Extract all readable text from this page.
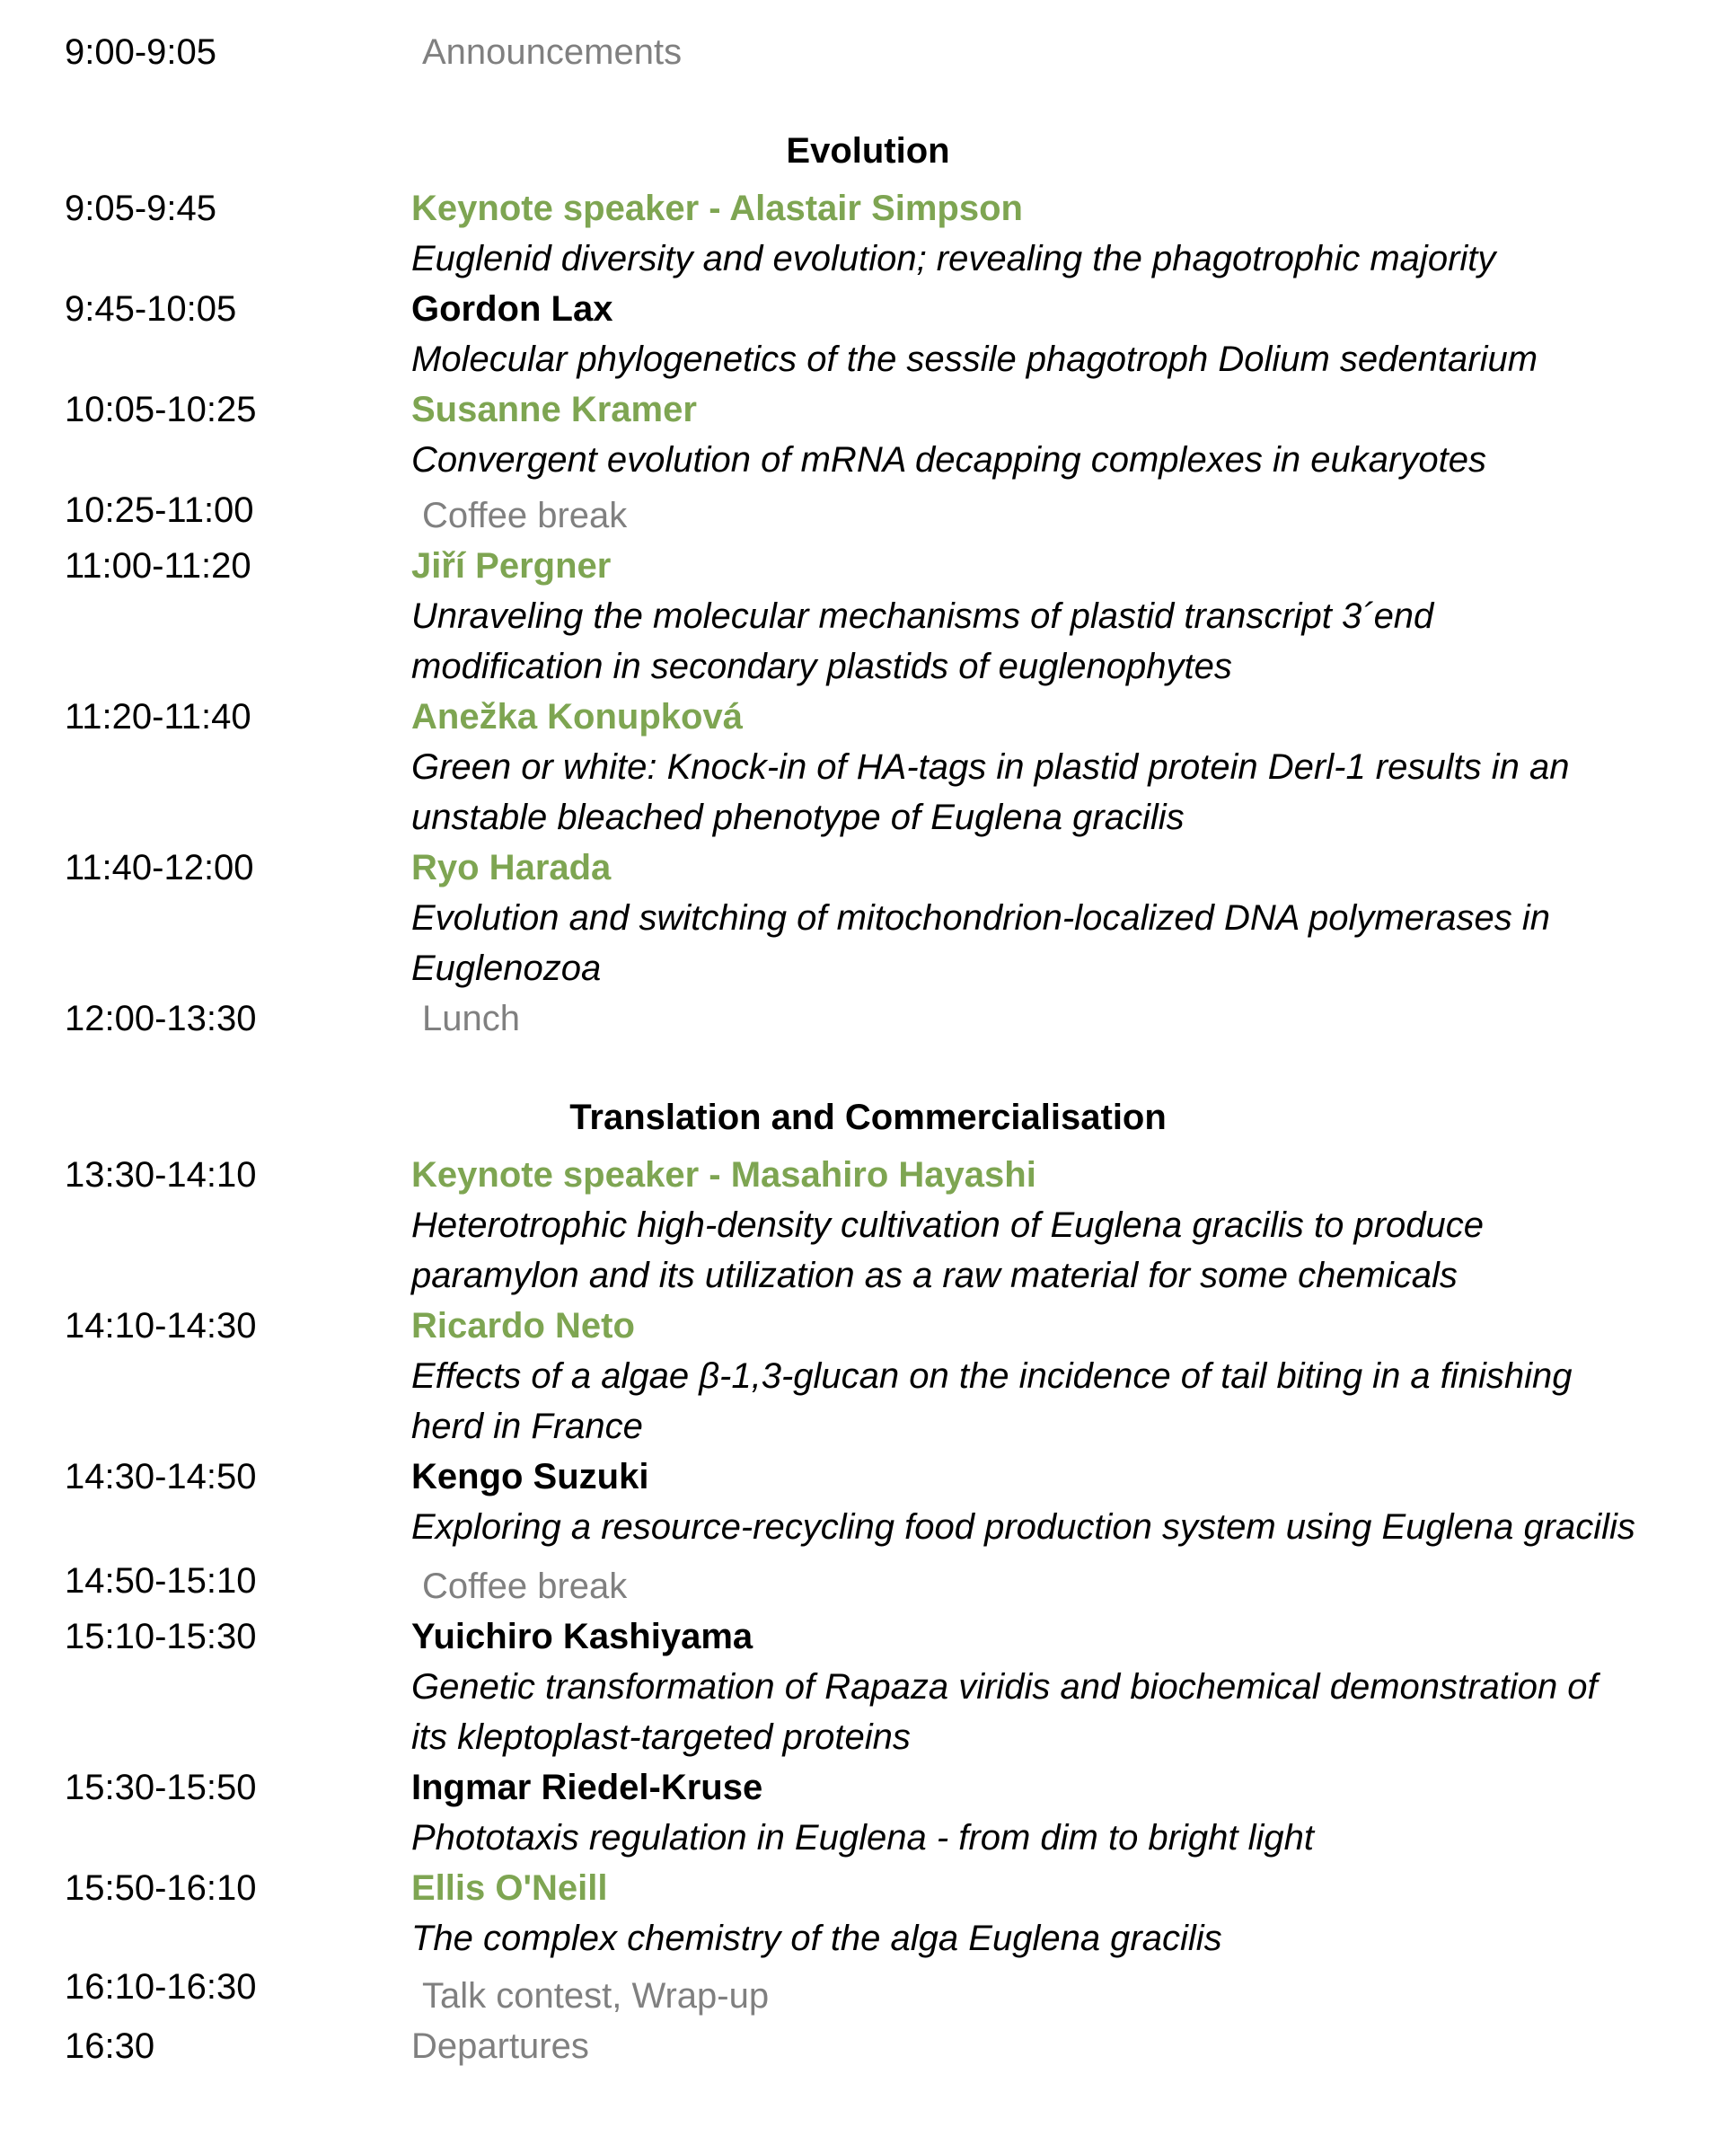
9:00-9:05	Announcements
Evolution
9:05-9:45	Keynote speaker - Alastair Simpson
Euglenid diversity and evolution; revealing the phagotrophic majority
9:45-10:05	Gordon Lax
Molecular phylogenetics of the sessile phagotroph Dolium sedentarium
10:05-10:25	Susanne Kramer
Convergent evolution of mRNA decapping complexes in eukaryotes
10:25-11:00	Coffee break
11:00-11:20	Jiří Pergner
Unraveling the molecular mechanisms of plastid transcript 3´end
modification in secondary plastids of euglenophytes
11:20-11:40	Anežka Konupková
Green or white: Knock-in of HA-tags in plastid protein Derl-1 results in an
unstable bleached phenotype of Euglena gracilis
11:40-12:00	Ryo Harada
Evolution and switching of mitochondrion-localized DNA polymerases in
Euglenozoa
12:00-13:30	Lunch
Translation and Commercialisation
13:30-14:10	Keynote speaker - Masahiro Hayashi
Heterotrophic high-density cultivation of Euglena gracilis to produce
paramylon and its utilization as a raw material for some chemicals
14:10-14:30	Ricardo Neto
Effects of a algae β-1,3-glucan on the incidence of tail biting in a finishing
herd in France
14:30-14:50	Kengo Suzuki
Exploring a resource-recycling food production system using Euglena gracilis
14:50-15:10	Coffee break
15:10-15:30	Yuichiro Kashiyama
Genetic transformation of Rapaza viridis and biochemical demonstration of
its kleptoplast-targeted proteins
15:30-15:50	Ingmar Riedel-Kruse
Phototaxis regulation in Euglena - from dim to bright light
15:50-16:10	Ellis O'Neill
The complex chemistry of the alga Euglena gracilis
16:10-16:30	Talk contest, Wrap-up
16:30	Departures
